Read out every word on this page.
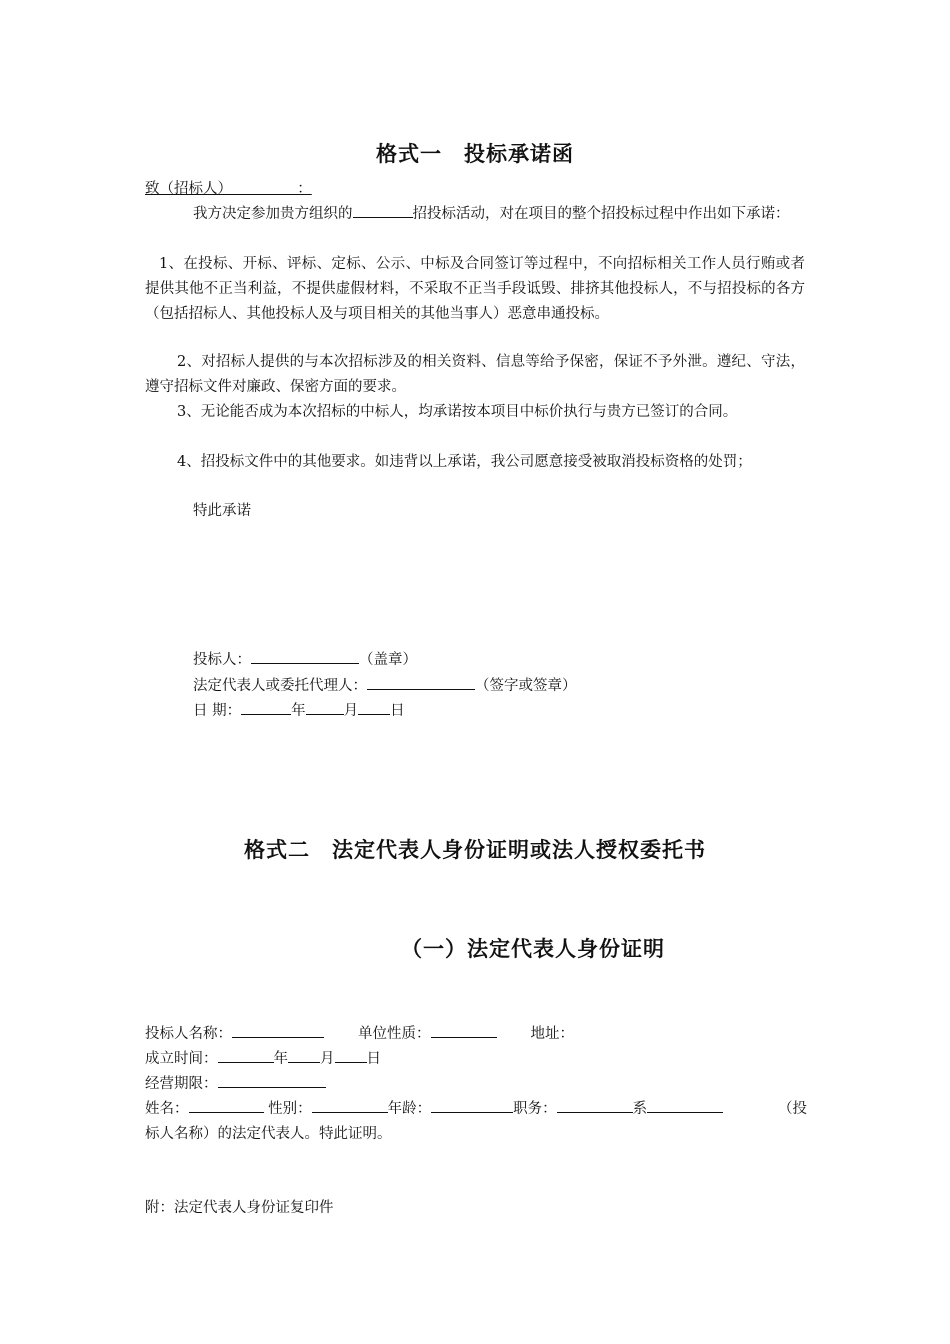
格式一　投标承诺函
致（招标人）　　　　　：
我方决定参加贵方组织的	招投标活动，对在项目的整个招投标过程中作出如下承诺：
1、在投标、开标、评标、定标、公示、中标及合同签订等过程中，不向招标相关工作人员行贿或者提供其他不正当利益，不提供虚假材料，不采取不正当手段诋毁、排挤其他投标人，不与招投标的各方（包括招标人、其他投标人及与项目相关的其他当事人）恶意串通投标。
2、对招标人提供的与本次招标涉及的相关资料、信息等给予保密，保证不予外泄。遵纪、守法，遵守招标文件对廉政、保密方面的要求。
3、无论能否成为本次招标的中标人，均承诺按本项目中标价执行与贵方已签订的合同。
4、招投标文件中的其他要求。如违背以上承诺，我公司愿意接受被取消投标资格的处罚；
特此承诺
投标人：	（盖章）
法定代表人或委托代理人：	（签字或签章）
日 期：	年	月 日
格式二　法定代表人身份证明或法人授权委托书
（一）法定代表人身份证明
投标人名称：	单位性质：	地址：
成立时间：	年 月 日
经营期限：
姓名：	性别：	年龄：	职务：	系	（投
标人名称）的法定代表人。特此证明。
附：法定代表人身份证复印件
